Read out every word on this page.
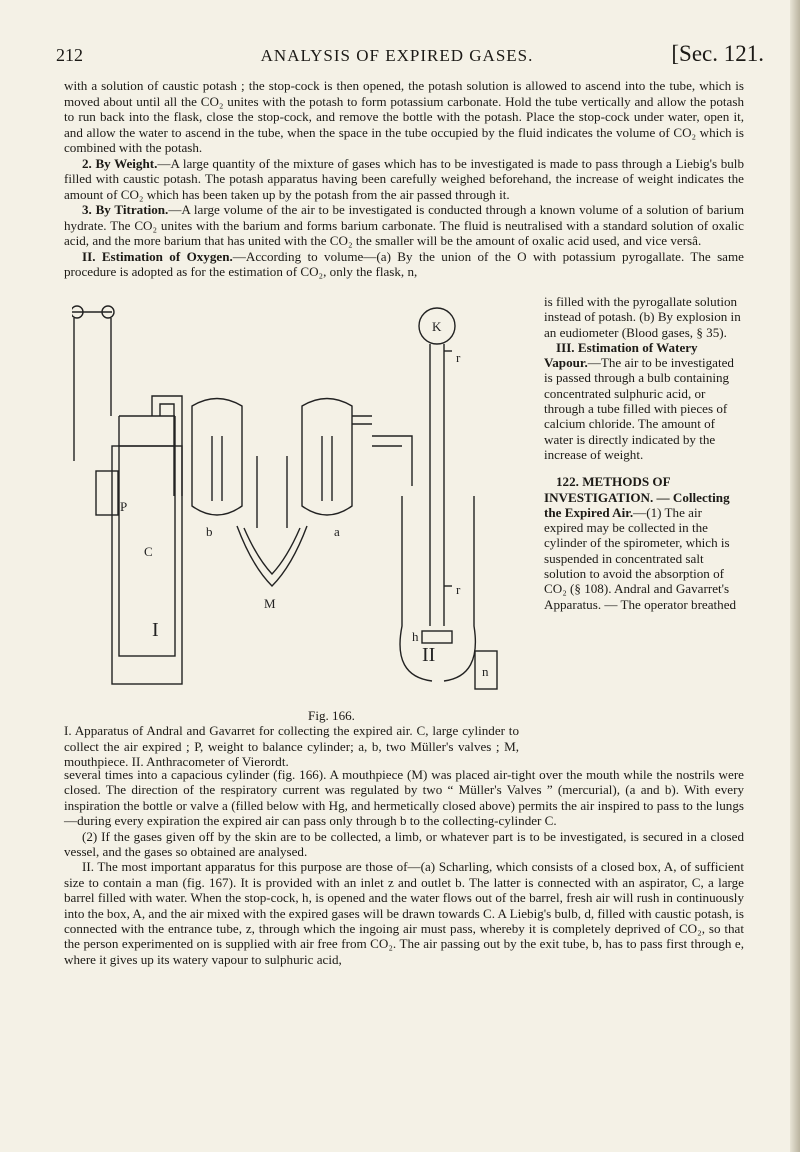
212	ANALYSIS OF EXPIRED GASES.	[Sec. 121.

with a solution of caustic potash ; the stop-cock is then opened, the potash solution is allowed to ascend into the tube, which is moved about until all the CO₂ unites with the potash to form potassium carbonate. Hold the tube vertically and allow the potash to run back into the flask, close the stop-cock, and remove the bottle with the potash. Place the stop-cock under water, open it, and allow the water to ascend in the tube, when the space in the tube occupied by the fluid indicates the volume of CO₂ which is combined with the potash.

2. By Weight.—A large quantity of the mixture of gases which has to be investigated is made to pass through a Liebig's bulb filled with caustic potash. The potash apparatus having been carefully weighed beforehand, the increase of weight indicates the amount of CO₂ which has been taken up by the potash from the air passed through it.

3. By Titration.—A large volume of the air to be investigated is conducted through a known volume of a solution of barium hydrate. The CO₂ unites with the barium and forms barium carbonate. The fluid is neutralised with a standard solution of oxalic acid, and the more barium that has united with the CO₂ the smaller will be the amount of oxalic acid used, and vice versâ.

II. Estimation of Oxygen.—According to volume—(a) By the union of the O with potassium pyrogallate. The same procedure is adopted as for the estimation of CO₂, only the flask, n,

P
C
b	a
M
K
r
r
h
n
I
II

is filled with the pyrogallate solution instead of potash. (b) By explosion in an eudiometer (Blood gases, § 35).

III. Estimation of Watery Vapour.—The air to be investigated is passed through a bulb containing concentrated sulphuric acid, or through a tube filled with pieces of calcium chloride. The amount of water is directly indicated by the increase of weight.

122. METHODS OF INVESTIGATION. — Collecting the Expired Air.—(1) The air expired may be collected in the cylinder of the spirometer, which is suspended in concentrated salt solution to avoid the absorption of CO₂ (§ 108). Andral and Gavarret's Apparatus. — The operator breathed

Fig. 166.

I. Apparatus of Andral and Gavarret for collecting the expired air. C, large cylinder to collect the air expired ; P, weight to balance cylinder; a, b, two Müller's valves ; M, mouthpiece. II. Anthracometer of Vierordt.

several times into a capacious cylinder (fig. 166). A mouthpiece (M) was placed air-tight over the mouth while the nostrils were closed. The direction of the respiratory current was regulated by two “ Müller's Valves ” (mercurial), (a and b). With every inspiration the bottle or valve a (filled below with Hg, and hermetically closed above) permits the air inspired to pass to the lungs—during every expiration the expired air can pass only through b to the collecting-cylinder C.

(2) If the gases given off by the skin are to be collected, a limb, or whatever part is to be investigated, is secured in a closed vessel, and the gases so obtained are analysed.

II. The most important apparatus for this purpose are those of—(a) Scharling, which consists of a closed box, A, of sufficient size to contain a man (fig. 167). It is provided with an inlet z and outlet b. The latter is connected with an aspirator, C, a large barrel filled with water. When the stop-cock, h, is opened and the water flows out of the barrel, fresh air will rush in continuously into the box, A, and the air mixed with the expired gases will be drawn towards C. A Liebig's bulb, d, filled with caustic potash, is connected with the entrance tube, z, through which the ingoing air must pass, whereby it is completely deprived of CO₂, so that the person experimented on is supplied with air free from CO₂. The air passing out by the exit tube, b, has to pass first through e, where it gives up its watery vapour to sulphuric acid,
